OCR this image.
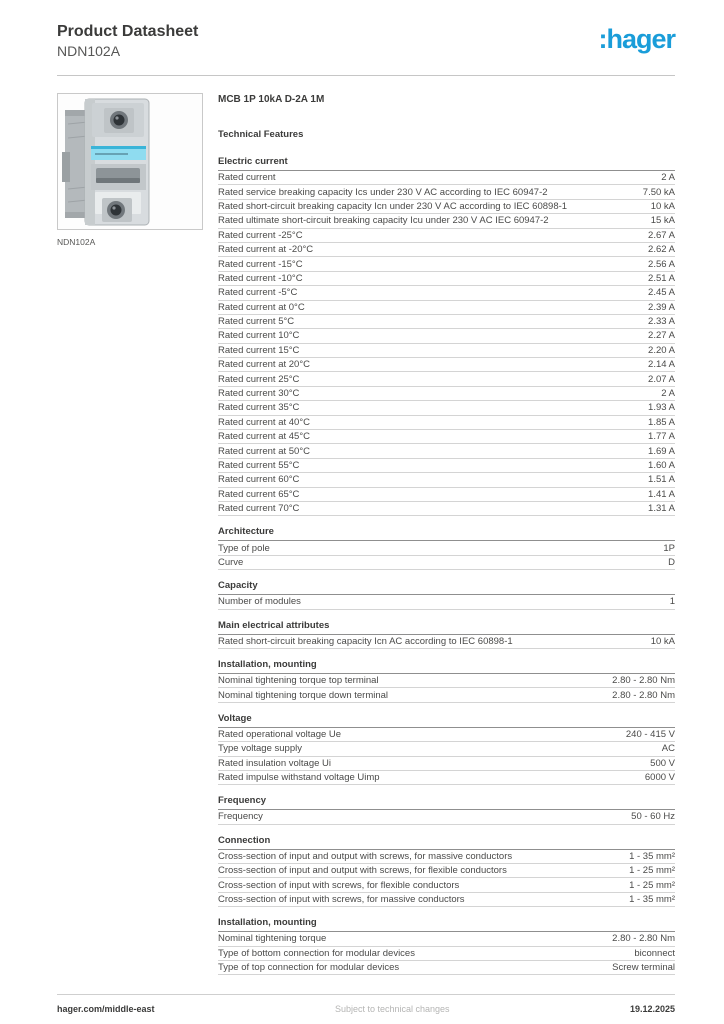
Product Datasheet
NDN102A	:hager
NDN102A
MCB 1P 10kA D-2A 1M
Technical Features
Electric current
Rated current	2 A
Rated service breaking capacity Ics under 230 V AC according to IEC 60947-2	7.50 kA
Rated short-circuit breaking capacity Icn under 230 V AC according to IEC 60898-1	10 kA
Rated ultimate short-circuit breaking capacity Icu under 230 V AC IEC 60947-2	15 kA
Rated current -25°C	2.67 A
Rated current at -20°C	2.62 A
Rated current -15°C	2.56 A
Rated current -10°C	2.51 A
Rated current -5°C	2.45 A
Rated current at 0°C	2.39 A
Rated current 5°C	2.33 A
Rated current 10°C	2.27 A
Rated current 15°C	2.20 A
Rated current at 20°C	2.14 A
Rated current 25°C	2.07 A
Rated current 30°C	2 A
Rated current 35°C	1.93 A
Rated current at 40°C	1.85 A
Rated current at 45°C	1.77 A
Rated current at 50°C	1.69 A
Rated current 55°C	1.60 A
Rated current 60°C	1.51 A
Rated current 65°C	1.41 A
Rated current 70°C	1.31 A
Architecture
Type of pole	1P
Curve	D
Capacity
Number of modules	1
Main electrical attributes
Rated short-circuit breaking capacity Icn AC according to IEC 60898-1	10 kA
Installation, mounting
Nominal tightening torque top terminal	2.80 - 2.80 Nm
Nominal tightening torque down terminal	2.80 - 2.80 Nm
Voltage
Rated operational voltage Ue	240 - 415 V
Type voltage supply	AC
Rated insulation voltage Ui	500 V
Rated impulse withstand voltage Uimp	6000 V
Frequency
Frequency	50 - 60 Hz
Connection
Cross-section of input and output with screws, for massive conductors	1 - 35 mm²
Cross-section of input and output with screws, for flexible conductors	1 - 25 mm²
Cross-section of input with screws, for flexible conductors	1 - 25 mm²
Cross-section of input with screws, for massive conductors	1 - 35 mm²
Installation, mounting
Nominal tightening torque	2.80 - 2.80 Nm
Type of bottom connection for modular devices	biconnect
Type of top connection for modular devices	Screw terminal
hager.com/middle-east	Subject to technical changes	19.12.2025
